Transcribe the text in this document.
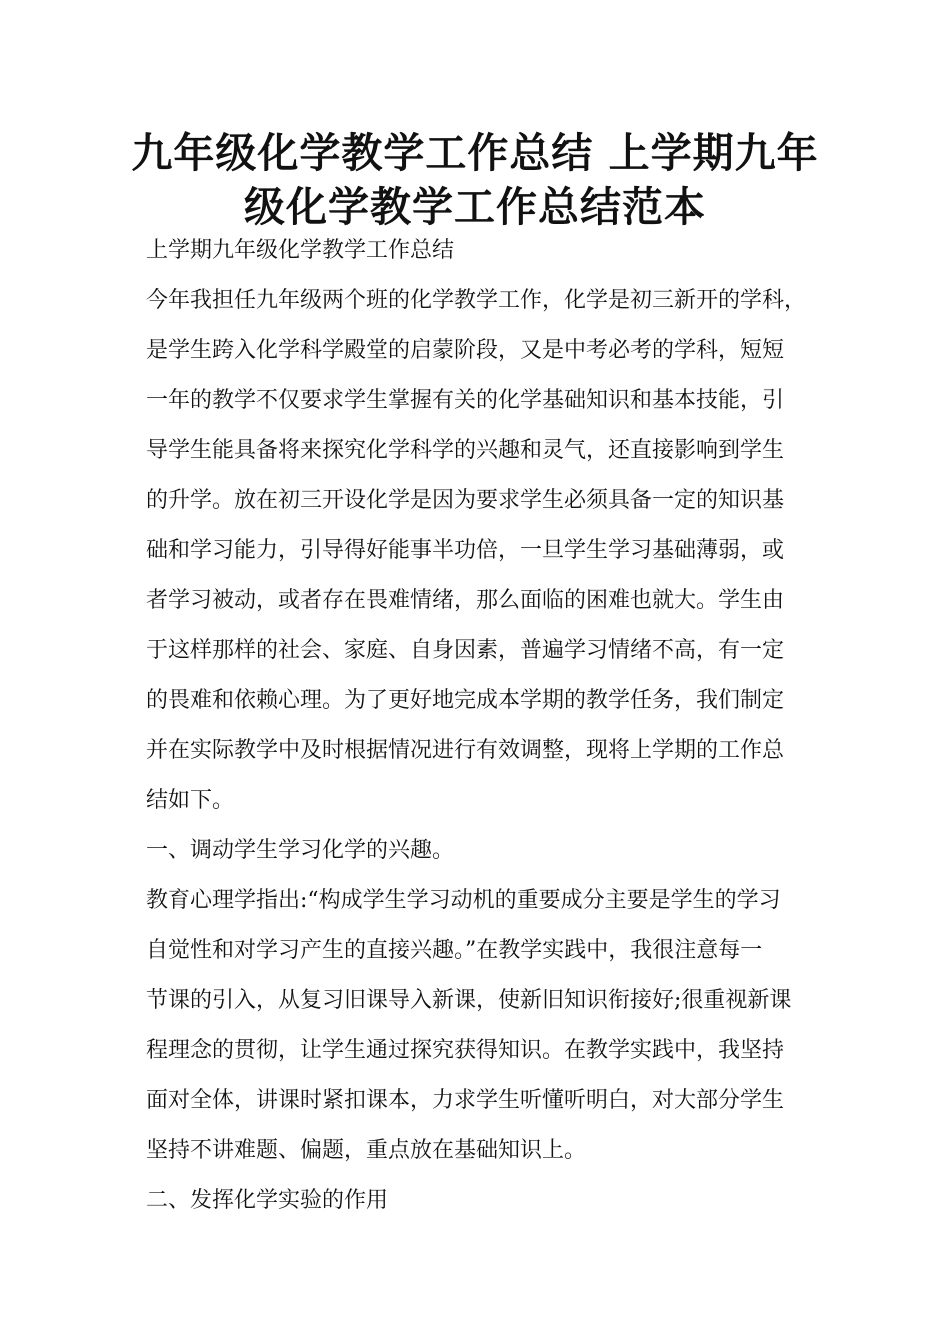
九年级化学教学工作总结 上学期九年
级化学教学工作总结范本

上学期九年级化学教学工作总结

今年我担任九年级两个班的化学教学工作，化学是初三新开的学科，

是学生跨入化学科学殿堂的启蒙阶段，又是中考必考的学科，短短

一年的教学不仅要求学生掌握有关的化学基础知识和基本技能，引

导学生能具备将来探究化学科学的兴趣和灵气，还直接影响到学生

的升学。放在初三开设化学是因为要求学生必须具备一定的知识基

础和学习能力，引导得好能事半功倍，一旦学生学习基础薄弱，或

者学习被动，或者存在畏难情绪，那么面临的困难也就大。学生由

于这样那样的社会、家庭、自身因素，普遍学习情绪不高，有一定

的畏难和依赖心理。为了更好地完成本学期的教学任务，我们制定

并在实际教学中及时根据情况进行有效调整，现将上学期的工作总

结如下。

一、调动学生学习化学的兴趣。

教育心理学指出:“构成学生学习动机的重要成分主要是学生的学习

自觉性和对学习产生的直接兴趣。”在教学实践中，我很注意每一

节课的引入，从复习旧课导入新课，使新旧知识衔接好;很重视新课

程理念的贯彻，让学生通过探究获得知识。在教学实践中，我坚持

面对全体，讲课时紧扣课本，力求学生听懂听明白，对大部分学生

坚持不讲难题、偏题，重点放在基础知识上。

二、发挥化学实验的作用
